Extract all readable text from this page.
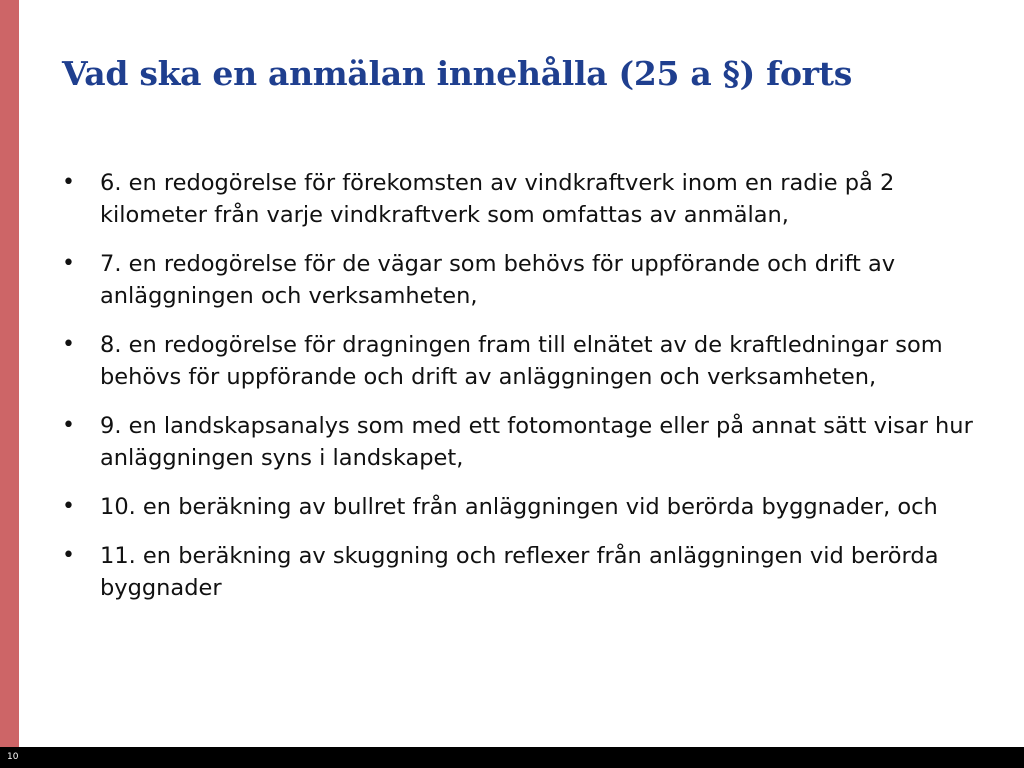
Vad ska en anmälan innehålla (25 a §) forts
• 6. en redogörelse för förekomsten av vindkraftverk inom en radie på 2 kilometer från varje vindkraftverk som omfattas av anmälan,
• 7. en redogörelse för de vägar som behövs för uppförande och drift av anläggningen och verksamheten,
• 8. en redogörelse för dragningen fram till elnätet av de kraftledningar som behövs för uppförande och drift av anläggningen och verksamheten,
• 9. en landskapsanalys som med ett fotomontage eller på annat sätt visar hur anläggningen syns i landskapet,
• 10. en beräkning av bullret från anläggningen vid berörda byggnader, och
• 11. en beräkning av skuggning och reflexer från anläggningen vid berörda byggnader
10
